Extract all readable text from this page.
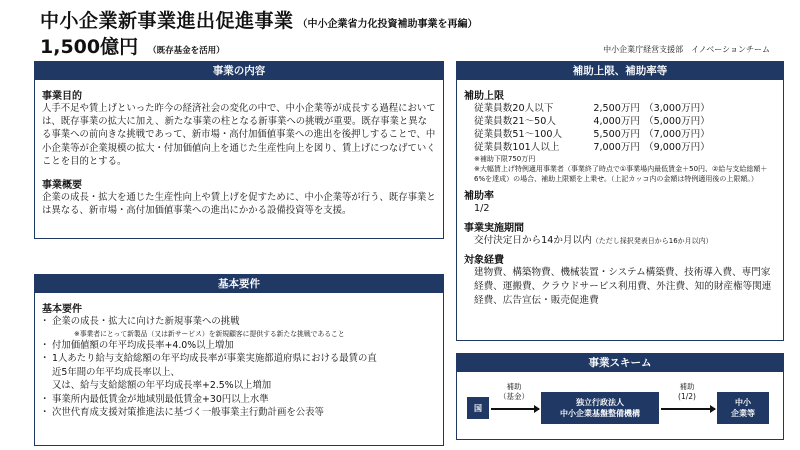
中小企業新事業進出促進事業 （中小企業省力化投資補助事業を再編）
1,500億円 （既存基金を活用）	中小企業庁経営支援部　イノベーションチーム
事業の内容
事業目的
人手不足や賃上げといった昨今の経済社会の変化の中で、中小企業等が成長する過程においては、既存事業の拡大に加え、新たな事業の柱となる新事業への挑戦が重要。既存事業と異なる事業への前向きな挑戦であって、新市場・高付加価値事業への進出を後押しすることで、中小企業等が企業規模の拡大・付加価値向上を通じた生産性向上を図り、賃上げにつなげていくことを目的とする。
事業概要
企業の成長・拡大を通じた生産性向上や賃上げを促すために、中小企業等が行う、既存事業とは異なる、新市場・高付加価値事業への進出にかかる設備投資等を支援。
基本要件
基本要件
・ 企業の成長・拡大に向けた新規事業への挑戦
※事業者にとって新製品（又は新サービス）を新規顧客に提供する新たな挑戦であること
・ 付加価値額の年平均成長率+4.0%以上増加
・ 1人あたり給与支給総額の年平均成長率が事業実施都道府県における最賃の直
近5年間の年平均成長率以上、
又は、給与支給総額の年平均成長率+2.5%以上増加
・ 事業所内最低賃金が地域別最低賃金+30円以上水準
・ 次世代育成支援対策推進法に基づく一般事業主行動計画を公表等
補助上限、補助率等
補助上限
従業員数20人以下	2,500万円	（3,000万円）
従業員数21～50人	4,000万円	（5,000万円）
従業員数51～100人	5,500万円	（7,000万円）
従業員数101人以上	7,000万円	（9,000万円）
※補助下限750万円
※大幅賃上げ特例適用事業者（事業終了時点で①事業場内最低賃金＋50円、②給与支給総額＋6%を達成）の場合、補助上限額を上乗せ。（上記カッコ内の金額は特例適用後の上限額。）
補助率
1/2
事業実施期間
交付決定日から14か月以内（ただし採択発表日から16か月以内）
対象経費
建物費、構築物費、機械装置・システム構築費、技術導入費、専門家経費、運搬費、クラウドサービス利用費、外注費、知的財産権等関連経費、広告宣伝・販売促進費
事業スキーム
国
補助
（基金）
独立行政法人
中小企業基盤整備機構
補助
(1/2)
中小
企業等
